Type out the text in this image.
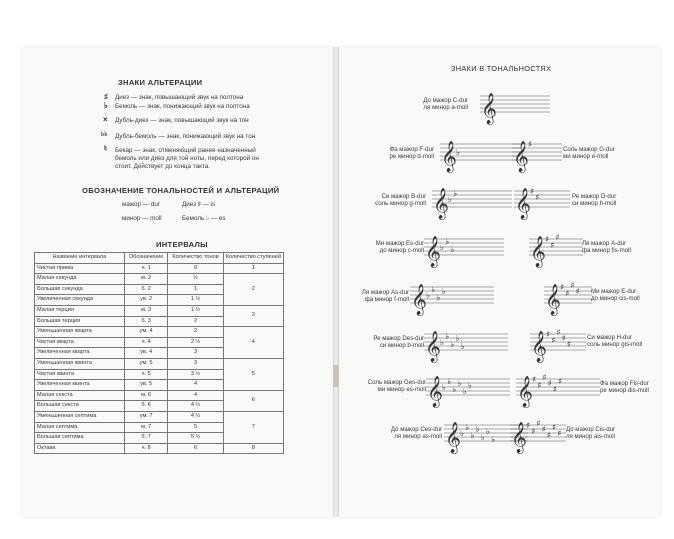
ЗНАКИ АЛЬТЕРАЦИИ
♯ Диез — знак, повышающий звук на полтона
♭ Бемоль — знак, понижающий звук на полтона
× Дубль-диез — знак, повышающий звук на тон
♭♭ Дубль-бемоль — знак, понижающий звук на тон
♮ Бекар — знак, отменяющий ранее назначенный
бемоль или диез для той ноты, перед которой он
стоит. Действует до конца такта.
ОБОЗНАЧЕНИЕ ТОНАЛЬНОСТЕЙ И АЛЬТЕРАЦИЙ
мажор — dur	Диез ♯ — is
минор — moll	Бемоль ♭ — es
ИНТЕРВАЛЫ
Название интервала	Обозначение	Количество тонов	Количество ступеней
Чистая прима	ч. 1	0	1
Малая секунда	м. 2	½	2
Большая секунда	б. 2	1	
Увеличенная секунда	ув. 2	1 ½	
Малая терция	м. 3	1 ½	3
Большая терция	б. 3	2	
Уменьшенная кварта	ум. 4	2	4
Чистая кварта	ч. 4	2 ½	
Увеличенная кварта	ув. 4	3	
Уменьшенная квинта	ум. 5	3	5
Чистая квинта	ч. 5	3 ½	
Увеличенная квинта	ув. 5	4	
Малая секста	м. 6	4	6
Большая секста	б. 6	4 ½	
Уменьшенная септима	ум. 7	4 ½	7
Малая септима	м. 7	5	
Большая септима	б. 7	5 ½	
Октава	ч. 8	6	8
ЗНАКИ В ТОНАЛЬНОСТЯХ
До мажор C-dur
ля минор a-moll 𝄞
Фа мажор F-dur
ре минор d-moll
Си мажор B-dur
соль минор g-moll
Ми мажор Es-dur
до минор c-moll
Ля мажор As-dur
фа минор f-moll
Ре мажор Des-dur
си минор b-moll
Соль мажор Ges-dur
ми минор es-moll
До мажор Ces-dur
ля минор as-moll
Соль мажор G-dur
ми минор e-moll
Ре мажор D-dur
си минор h-moll
Ля мажор A-dur
фа минор fis-moll
Ми мажор E-dur
до минор cis-moll
Си мажор H-dur
соль минор gis-moll
Фа мажор Fis-dur
ре минор dis-moll
До мажор Cis-dur
ля минор ais-moll
𝄞 ♭
𝄞 ♭
♭
𝄞 ♭
♭
♭
𝄞 ♭
♭
♭
♭
𝄞 ♭
♭
♭
♭
♭
𝄞 ♭
♭
♭
♭
♭
♭
𝄞 ♭
♭
♭
♭
♭
♭
♭
𝄞 ♯
𝄞 ♯
♯
𝄞 ♯
♯
♯
𝄞 ♯
♯
♯
♯
𝄞 ♯
♯
♯
♯
♯
𝄞 ♯
♯
♯
♯
♯
♯
𝄞 ♯
♯
♯
♯
♯
♯
♯
